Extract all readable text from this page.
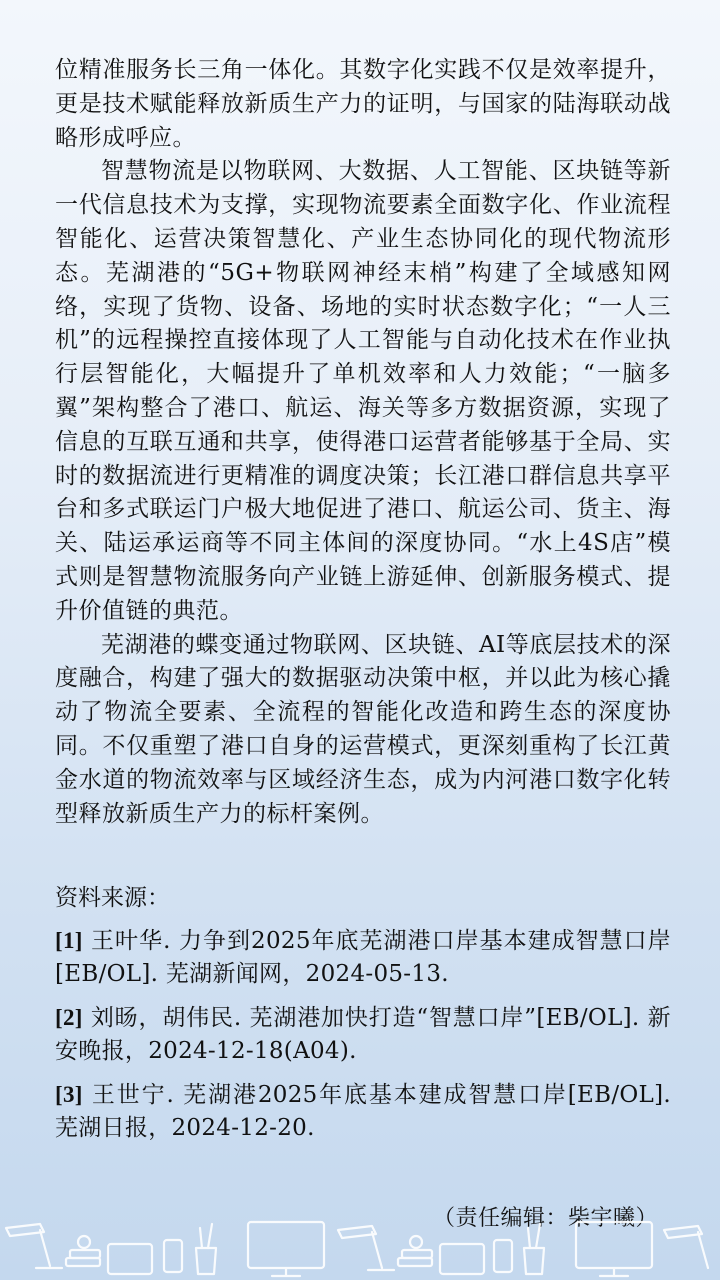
位精准服务长三角一体化。其数字化实践不仅是效率提升，更是技术赋能释放新质生产力的证明，与国家的陆海联动战略形成呼应。

智慧物流是以物联网、大数据、人工智能、区块链等新一代信息技术为支撑，实现物流要素全面数字化、作业流程智能化、运营决策智慧化、产业生态协同化的现代物流形态。芜湖港的“5G+物联网神经末梢”构建了全域感知网络，实现了货物、设备、场地的实时状态数字化；“一人三机”的远程操控直接体现了人工智能与自动化技术在作业执行层智能化，大幅提升了单机效率和人力效能；“一脑多翼”架构整合了港口、航运、海关等多方数据资源，实现了信息的互联互通和共享，使得港口运营者能够基于全局、实时的数据流进行更精准的调度决策；长江港口群信息共享平台和多式联运门户极大地促进了港口、航运公司、货主、海关、陆运承运商等不同主体间的深度协同。“水上4S店”模式则是智慧物流服务向产业链上游延伸、创新服务模式、提升价值链的典范。

芜湖港的蝶变通过物联网、区块链、AI等底层技术的深度融合，构建了强大的数据驱动决策中枢，并以此为核心撬动了物流全要素、全流程的智能化改造和跨生态的深度协同。不仅重塑了港口自身的运营模式，更深刻重构了长江黄金水道的物流效率与区域经济生态，成为内河港口数字化转型释放新质生产力的标杆案例。

资料来源：
[1] 王叶华. 力争到2025年底芜湖港口岸基本建成智慧口岸[EB/OL]. 芜湖新闻网，2024-05-13.
[2] 刘旸，胡伟民. 芜湖港加快打造“智慧口岸”[EB/OL]. 新安晚报，2024-12-18(A04).
[3] 王世宁. 芜湖港2025年底基本建成智慧口岸[EB/OL]. 芜湖日报，2024-12-20.
（责任编辑：柴宇曦）
